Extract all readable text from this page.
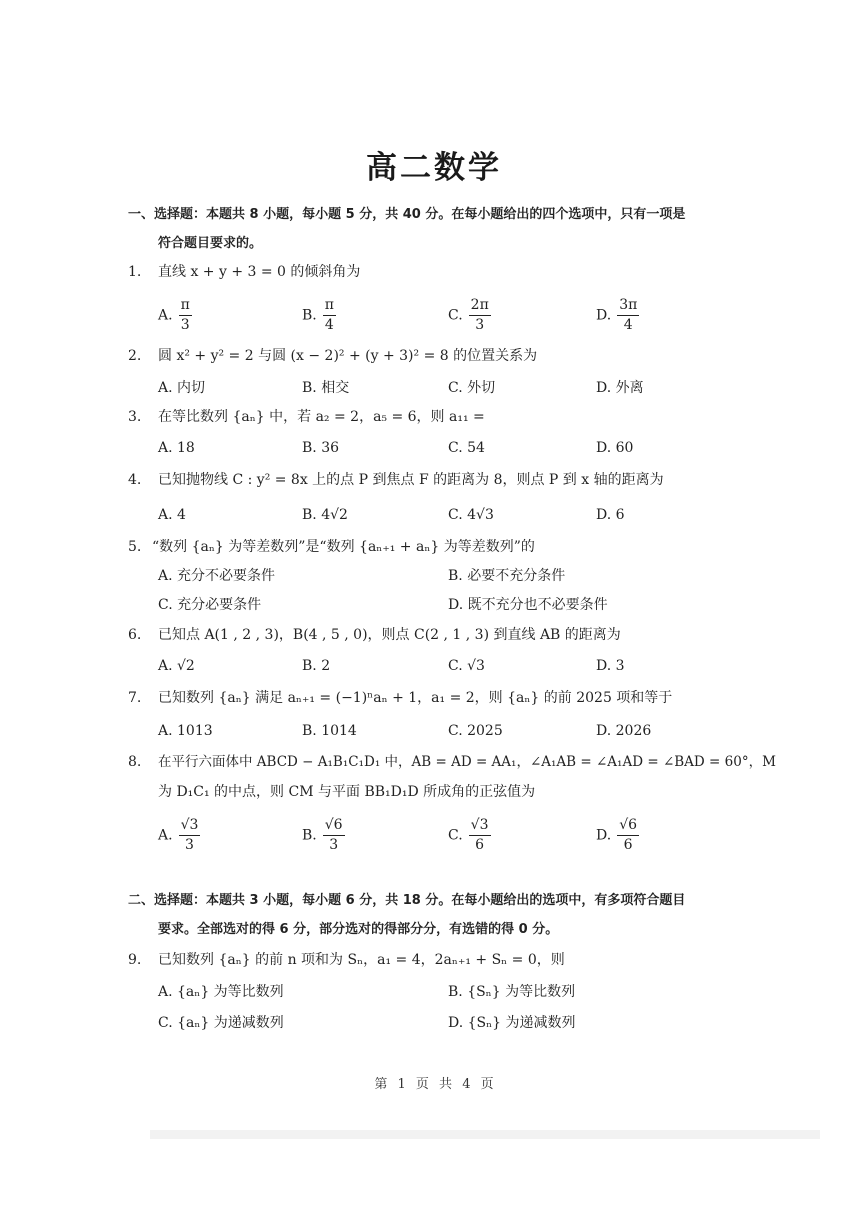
高二数学
一、选择题：本题共 8 小题，每小题 5 分，共 40 分。在每小题给出的四个选项中，只有一项是
符合题目要求的。
1. 直线 x + y + 3 = 0 的倾斜角为
A. $\frac{\pi}{3}$	B. $\frac{\pi}{4}$	C. $\frac{2\pi}{3}$	D. $\frac{3\pi}{4}$
2. 圆 x² + y² = 2 与圆 (x − 2)² + (y + 3)² = 8 的位置关系为
A. 内切	B. 相交	C. 外切	D. 外离
3. 在等比数列 {aₙ} 中，若 a₂ = 2，a₅ = 6，则 a₁₁ =
A. 18	B. 36	C. 54	D. 60
4. 已知抛物线 C : y² = 8x 上的点 P 到焦点 F 的距离为 8，则点 P 到 x 轴的距离为
A. 4	B. 4√2	C. 4√3	D. 6
5. “数列 {aₙ} 为等差数列”是“数列 {aₙ₊₁ + aₙ} 为等差数列”的
A. 充分不必要条件	B. 必要不充分条件
C. 充分必要条件	D. 既不充分也不必要条件
6. 已知点 A(1 , 2 , 3)，B(4 , 5 , 0)，则点 C(2 , 1 , 3) 到直线 AB 的距离为
A. √2	B. 2	C. √3	D. 3
7. 已知数列 {aₙ} 满足 aₙ₊₁ = (−1)ⁿaₙ + 1，a₁ = 2，则 {aₙ} 的前 2025 项和等于
A. 1013	B. 1014	C. 2025	D. 2026
8. 在平行六面体中 ABCD − A₁B₁C₁D₁ 中，AB = AD = AA₁，∠A₁AB = ∠A₁AD = ∠BAD = 60°，M
为 D₁C₁ 的中点，则 CM 与平面 BB₁D₁D 所成角的正弦值为
A. $\frac{√3}{3}$	B. $\frac{√6}{3}$	C. $\frac{√3}{6}$	D. $\frac{√6}{6}$
二、选择题：本题共 3 小题，每小题 6 分，共 18 分。在每小题给出的选项中，有多项符合题目
要求。全部选对的得 6 分，部分选对的得部分分，有选错的得 0 分。
9. 已知数列 {aₙ} 的前 n 项和为 Sₙ，a₁ = 4，2aₙ₊₁ + Sₙ = 0，则
A. {aₙ} 为等比数列	B. {Sₙ} 为等比数列
C. {aₙ} 为递减数列	D. {Sₙ} 为递减数列
第 1 页 共 4 页
